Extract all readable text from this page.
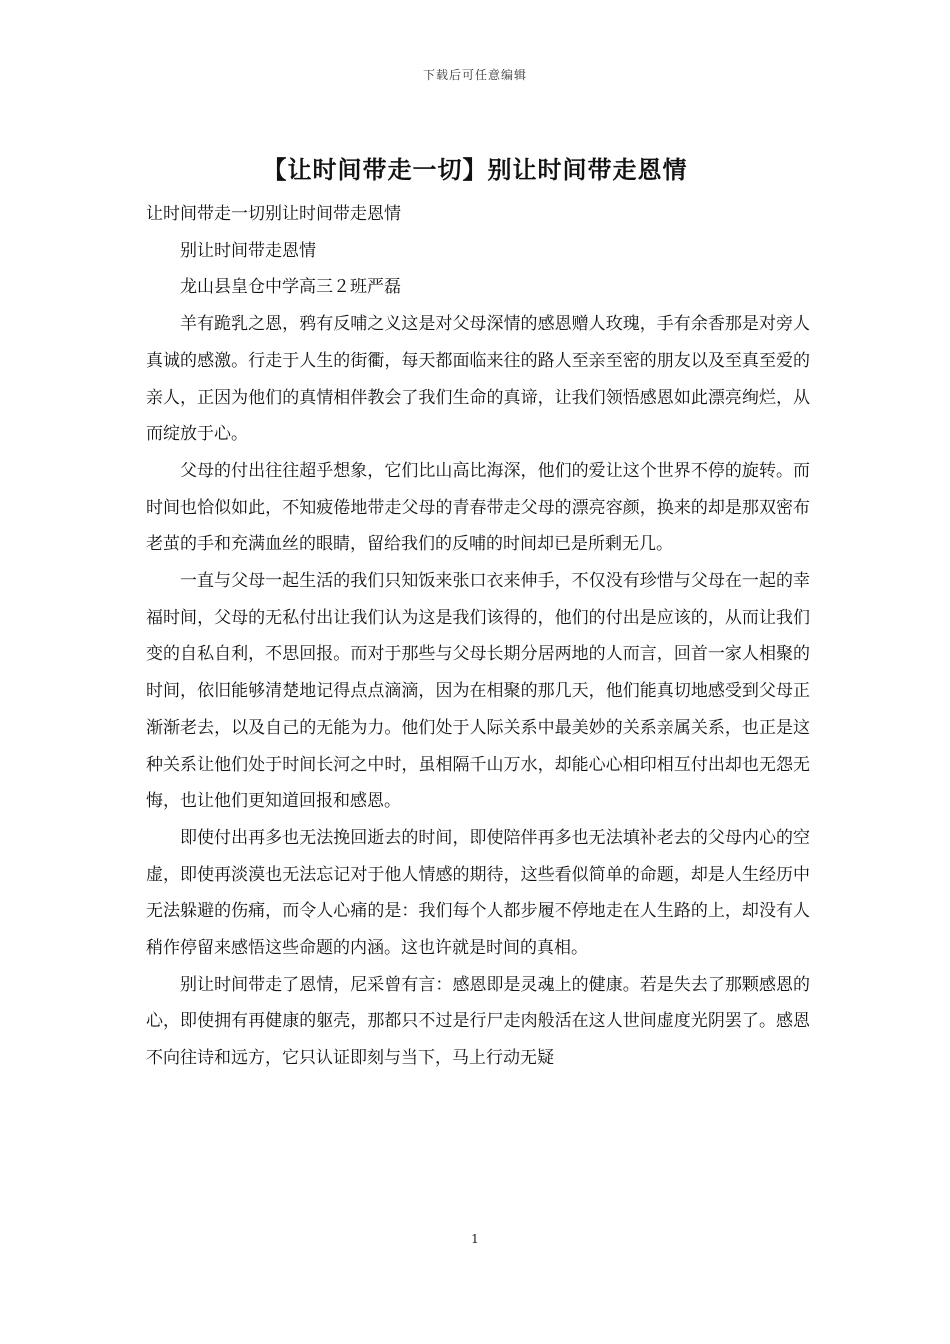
下载后可任意编辑
【让时间带走一切】别让时间带走恩情

让时间带走一切别让时间带走恩情

别让时间带走恩情

龙山县皇仓中学高三２班严磊

羊有跪乳之恩，鸦有反哺之义这是对父母深情的感恩赠人玫瑰，手有余香那是对旁人真诚的感激。行走于人生的街衢，每天都面临来往的路人至亲至密的朋友以及至真至爱的亲人，正因为他们的真情相伴教会了我们生命的真谛，让我们领悟感恩如此漂亮绚烂，从而绽放于心。

父母的付出往往超乎想象，它们比山高比海深，他们的爱让这个世界不停的旋转。而时间也恰似如此，不知疲倦地带走父母的青春带走父母的漂亮容颜，换来的却是那双密布老茧的手和充满血丝的眼睛，留给我们的反哺的时间却已是所剩无几。

一直与父母一起生活的我们只知饭来张口衣来伸手，不仅没有珍惜与父母在一起的幸福时间，父母的无私付出让我们认为这是我们该得的，他们的付出是应该的，从而让我们变的自私自利，不思回报。而对于那些与父母长期分居两地的人而言，回首一家人相聚的时间，依旧能够清楚地记得点点滴滴，因为在相聚的那几天，他们能真切地感受到父母正渐渐老去，以及自己的无能为力。他们处于人际关系中最美妙的关系亲属关系，也正是这种关系让他们处于时间长河之中时，虽相隔千山万水，却能心心相印相互付出却也无怨无悔，也让他们更知道回报和感恩。

即使付出再多也无法挽回逝去的时间，即使陪伴再多也无法填补老去的父母内心的空虚，即使再淡漠也无法忘记对于他人情感的期待，这些看似简单的命题，却是人生经历中无法躲避的伤痛，而令人心痛的是：我们每个人都步履不停地走在人生路的上，却没有人稍作停留来感悟这些命题的内涵。这也许就是时间的真相。

别让时间带走了恩情，尼采曾有言：感恩即是灵魂上的健康。若是失去了那颗感恩的心，即使拥有再健康的躯壳，那都只不过是行尸走肉般活在这人世间虚度光阴罢了。感恩不向往诗和远方，它只认证即刻与当下，马上行动无疑

1
